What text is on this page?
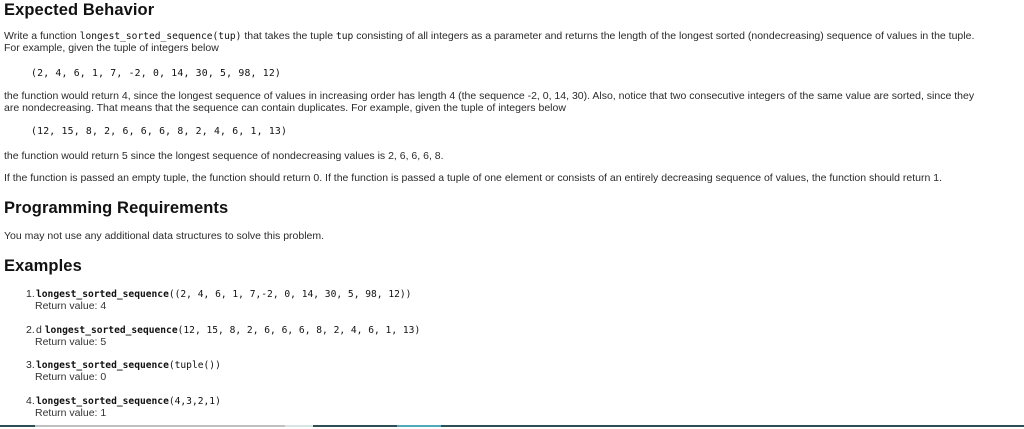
Expected Behavior

Write a function longest_sorted_sequence(tup) that takes the tuple tup consisting of all integers as a parameter and returns the length of the longest sorted (nondecreasing) sequence of values in the tuple.
For example, given the tuple of integers below

(2, 4, 6, 1, 7, -2, 0, 14, 30, 5, 98, 12)

the function would return 4, since the longest sequence of values in increasing order has length 4 (the sequence -2, 0, 14, 30). Also, notice that two consecutive integers of the same value are sorted, since they
are nondecreasing. That means that the sequence can contain duplicates. For example, given the tuple of integers below

(12, 15, 8, 2, 6, 6, 6, 8, 2, 4, 6, 1, 13)

the function would return 5 since the longest sequence of nondecreasing values is 2, 6, 6, 6, 8.

If the function is passed an empty tuple, the function should return 0. If the function is passed a tuple of one element or consists of an entirely decreasing sequence of values, the function should return 1.

Programming Requirements

You may not use any additional data structures to solve this problem.

Examples
1. longest_sorted_sequence((2, 4, 6, 1, 7,-2, 0, 14, 30, 5, 98, 12))
Return value: 4
2. d longest_sorted_sequence(12, 15, 8, 2, 6, 6, 6, 8, 2, 4, 6, 1, 13)
Return value: 5
3. longest_sorted_sequence(tuple())
Return value: 0
4. longest_sorted_sequence(4,3,2,1)
Return value: 1
